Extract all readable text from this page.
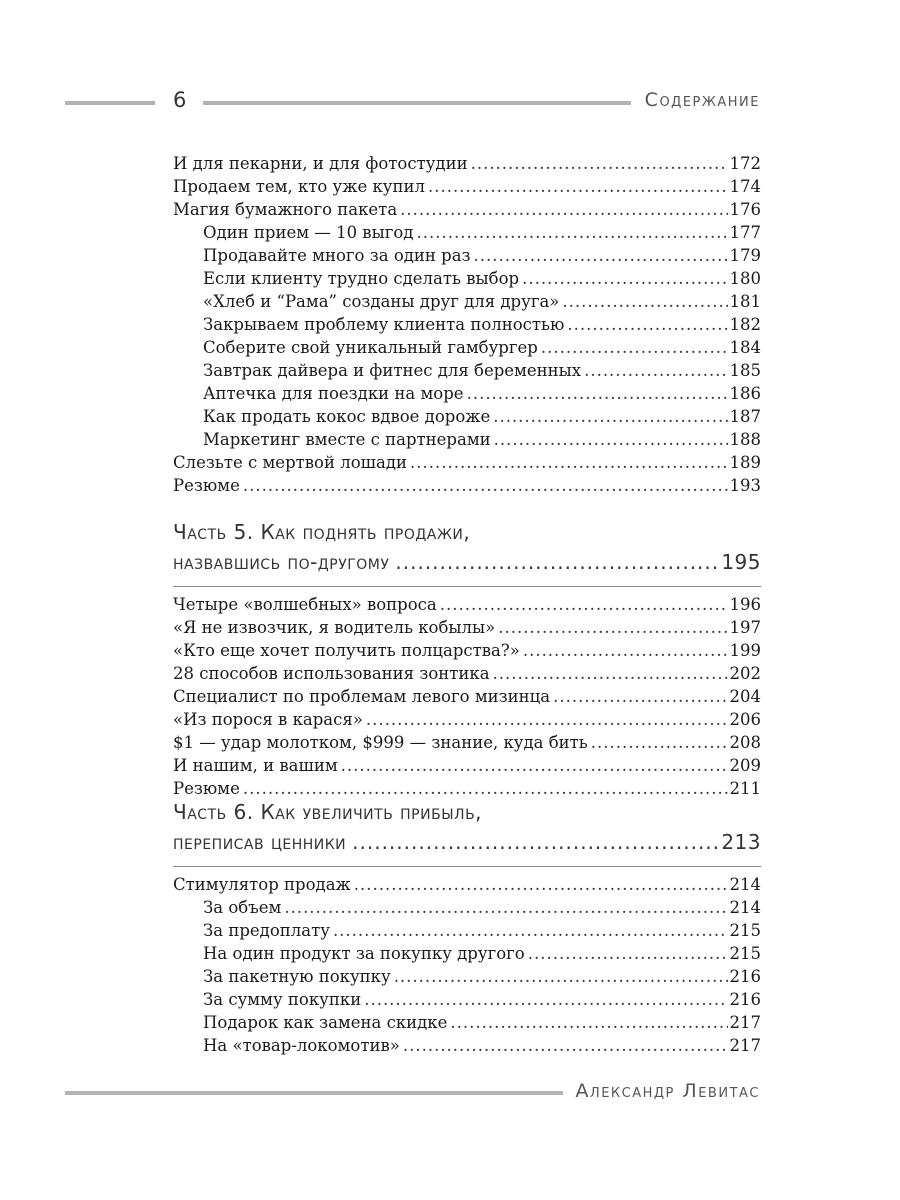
6	Содержание
И для пекарни, и для фотостудии .....	172
Продаем тем, кто уже купил .....	174
Магия бумажного пакета .....	176
Один прием — 10 выгод .....	177
Продавайте много за один раз .....	179
Если клиенту трудно сделать выбор .....	180
«Хлеб и “Рама” созданы друг для друга» .....	181
Закрываем проблему клиента полностью .....	182
Соберите свой уникальный гамбургер .....	184
Завтрак дайвера и фитнес для беременных .....	185
Аптечка для поездки на море .....	186
Как продать кокос вдвое дороже .....	187
Маркетинг вместе с партнерами .....	188
Слезьте с мертвой лошади .....	189
Резюме .....	193
Часть 5. Как поднять продажи,
назвавшись по-другому .....	195
Четыре «волшебных» вопроса .....	196
«Я не извозчик, я водитель кобылы» .....	197
«Кто еще хочет получить полцарства?» .....	199
28 способов использования зонтика .....	202
Специалист по проблемам левого мизинца .....	204
«Из порося в карася» .....	206
$1 — удар молотком, $999 — знание, куда бить .....	208
И нашим, и вашим .....	209
Резюме .....	211
Часть 6. Как увеличить прибыль,
переписав ценники .....	213
Стимулятор продаж .....	214
За объем .....	214
За предоплату .....	215
На один продукт за покупку другого .....	215
За пакетную покупку .....	216
За сумму покупки .....	216
Подарок как замена скидке .....	217
На «товар-локомотив» .....	217
Александр Левитас
